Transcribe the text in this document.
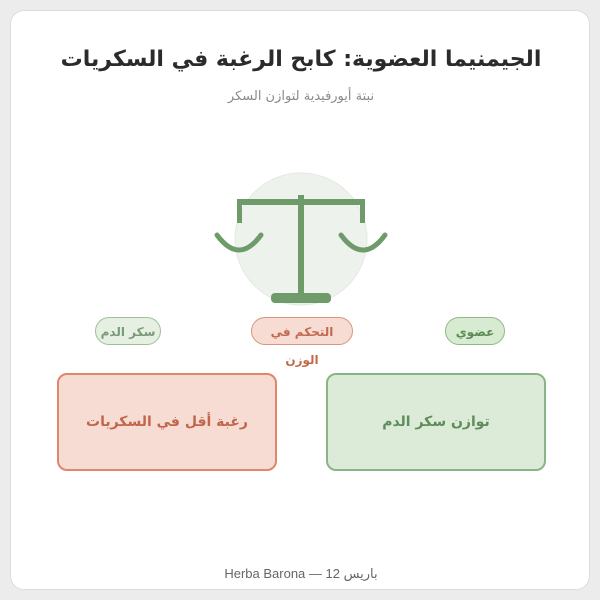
الجيمنيما العضوية: كابح الرغبة في السكريات
نبتة أيورفيدية لتوازن السكر
عضوي
التحكم في الوزن
سكر الدم
رغبة أقل في السكريات	توازن سكر الدم
Herba Barona — 12 باريس
